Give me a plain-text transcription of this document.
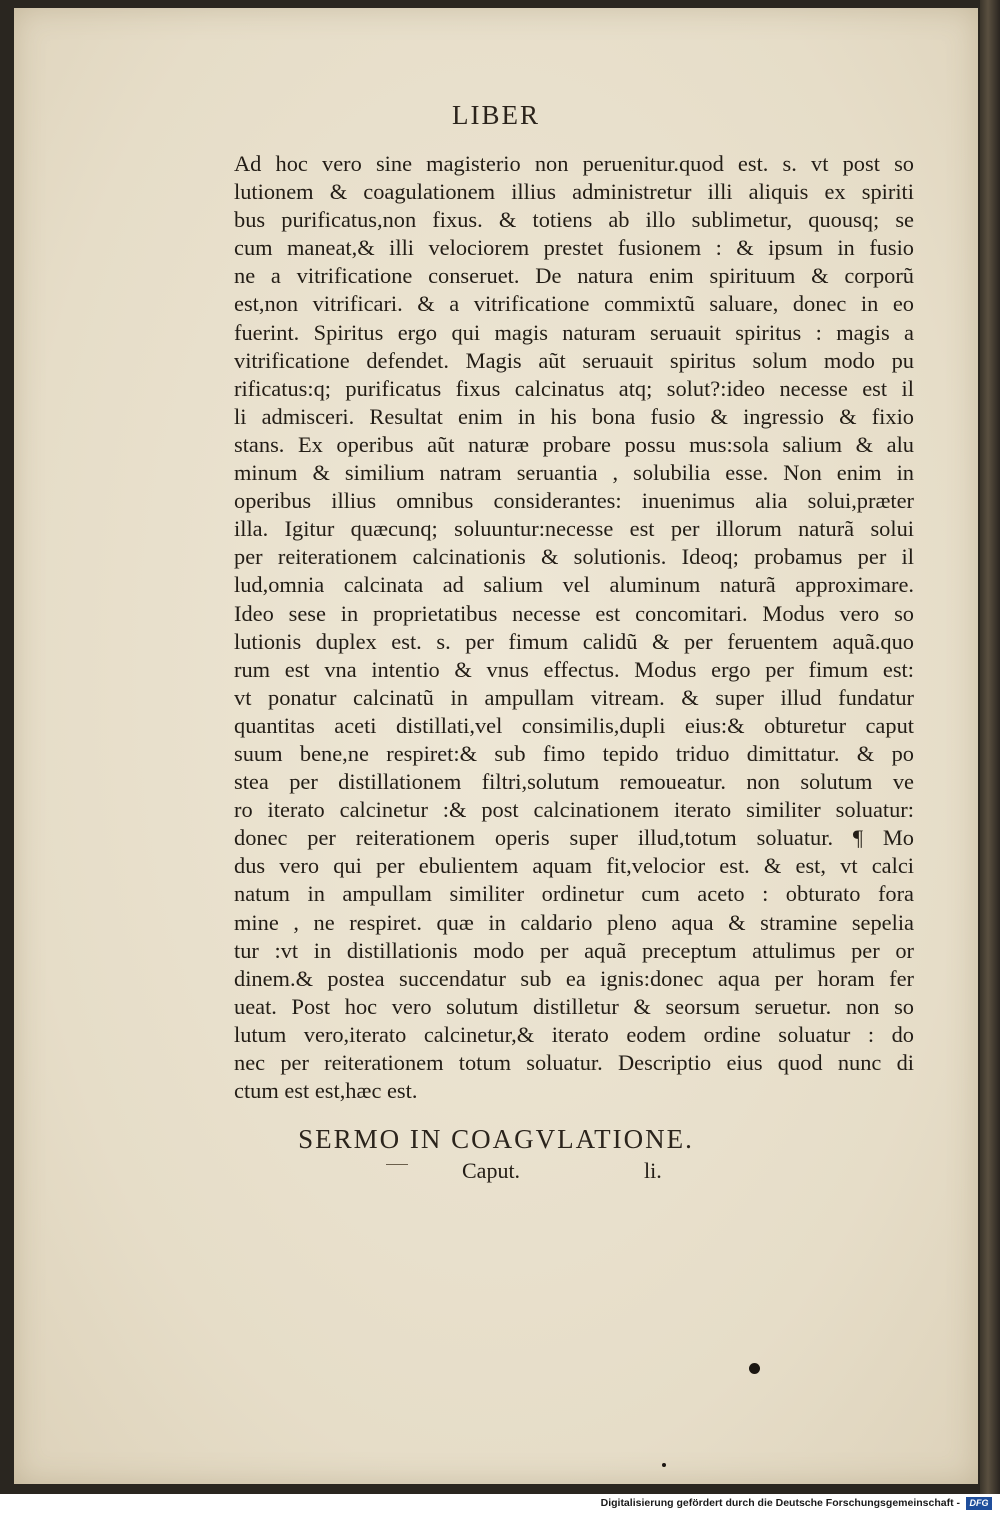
LIBER
Ad hoc vero sine magisterio non peruenitur.quod est. s. vt post so
lutionem & coagulationem illius administretur illi aliquis ex spiriti
bus purificatus,non fixus. & totiens ab illo sublimetur, quousq; se
cum maneat,& illi velociorem prestet fusionem : & ipsum in fusio
ne a vitrificatione conseruet. De natura enim spirituum & corporũ
est,non vitrificari. & a vitrificatione commixtũ saluare, donec in eo
fuerint. Spiritus ergo qui magis naturam seruauit spiritus : magis a
vitrificatione defendet. Magis aũt seruauit spiritus solum modo pu
rificatus:q; purificatus fixus calcinatus atq; solut?:ideo necesse est il
li admisceri. Resultat enim in his bona fusio & ingressio & fixio
stans. Ex operibus aũt naturæ probare possu mus:sola salium & alu
minum & similium natram seruantia , solubilia esse. Non enim in
operibus illius omnibus considerantes: inuenimus alia solui,præter
illa. Igitur quæcunq; soluuntur:necesse est per illorum naturã solui
per reiterationem calcinationis & solutionis. Ideoq; probamus per il
lud,omnia calcinata ad salium vel aluminum naturã approximare.
Ideo sese in proprietatibus necesse est concomitari. Modus vero so
lutionis duplex est. s. per fimum calidũ & per feruentem aquã.quo
rum est vna intentio & vnus effectus. Modus ergo per fimum est:
vt ponatur calcinatũ in ampullam vitream. & super illud fundatur
quantitas aceti distillati,vel consimilis,dupli eius:& obturetur caput
suum bene,ne respiret:& sub fimo tepido triduo dimittatur. & po
stea per distillationem filtri,solutum remoueatur. non solutum ve
ro iterato calcinetur :& post calcinationem iterato similiter soluatur:
donec per reiterationem operis super illud,totum soluatur. ¶ Mo
dus vero qui per ebulientem aquam fit,velocior est. & est, vt calci
natum in ampullam similiter ordinetur cum aceto : obturato fora
mine , ne respiret. quæ in caldario pleno aqua & stramine sepelia
tur :vt in distillationis modo per aquã preceptum attulimus per or
dinem.& postea succendatur sub ea ignis:donec aqua per horam fer
ueat. Post hoc vero solutum distilletur & seorsum seruetur. non so
lutum vero,iterato calcinetur,& iterato eodem ordine soluatur : do
nec per reiterationem totum soluatur. Descriptio eius quod nunc di
ctum est est,hæc est.
SERMO IN COAGVLATIONE.
Caput.	li.
Digitalisierung gefördert durch die Deutsche Forschungsgemeinschaft -	DFG
